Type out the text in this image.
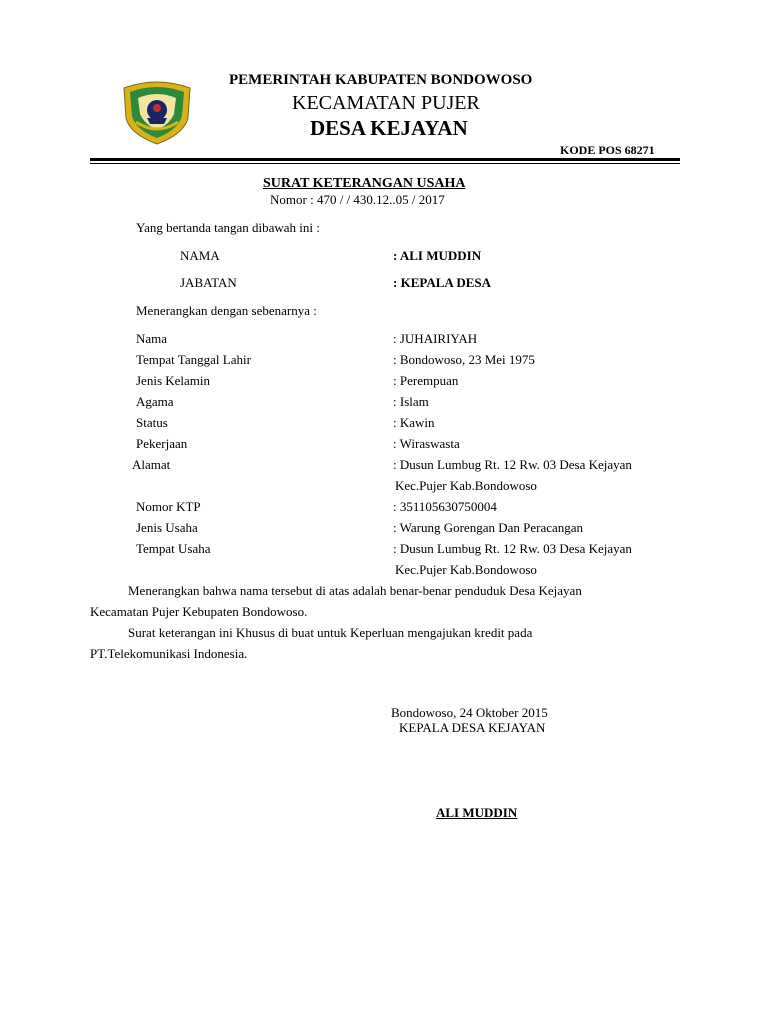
PEMERINTAH KABUPATEN BONDOWOSO
KECAMATAN PUJER
DESA KEJAYAN
KODE POS 68271
SURAT KETERANGAN USAHA
Nomor : 470 / / 430.12..05 / 2017
Yang bertanda tangan dibawah ini :
NAMA	: ALI MUDDIN
JABATAN	: KEPALA DESA
Menerangkan dengan sebenarnya :
Nama	: JUHAIRIYAH
Tempat Tanggal Lahir	: Bondowoso, 23 Mei 1975
Jenis Kelamin	: Perempuan
Agama	: Islam
Status	: Kawin
Pekerjaan	: Wiraswasta
Alamat	: Dusun Lumbug Rt. 12 Rw. 03 Desa Kejayan
Kec.Pujer Kab.Bondowoso
Nomor KTP	: 351105630750004
Jenis Usaha	: Warung Gorengan Dan Peracangan
Tempat Usaha	: Dusun Lumbug Rt. 12 Rw. 03 Desa Kejayan
Kec.Pujer Kab.Bondowoso
Menerangkan bahwa nama tersebut di atas adalah benar-benar penduduk Desa Kejayan
Kecamatan Pujer Kebupaten Bondowoso.
Surat keterangan ini Khusus di buat untuk Keperluan mengajukan kredit pada
PT.Telekomunikasi Indonesia.
Bondowoso, 24 Oktober 2015
KEPALA DESA KEJAYAN
ALI MUDDIN
